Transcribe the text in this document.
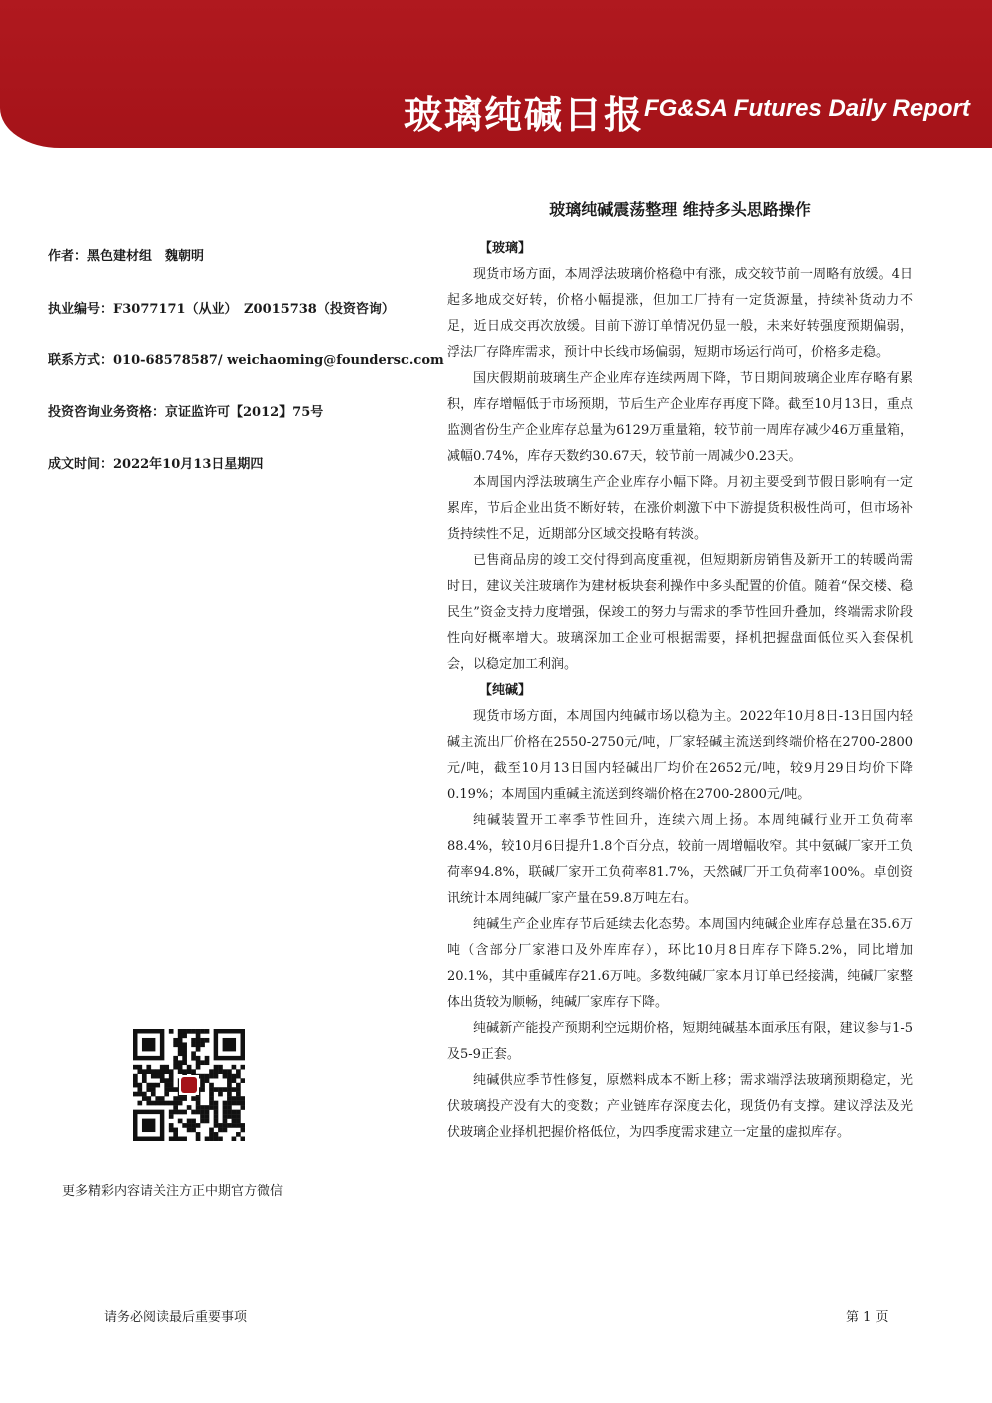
玻璃纯碱日报 FG&SA Futures Daily Report
玻璃纯碱震荡整理 维持多头思路操作
作者：黑色建材组　魏朝明
执业编号：F3077171（从业）　Z0015738（投资咨询）
联系方式：010-68578587/ weichaoming@foundersc.com
投资咨询业务资格：京证监许可【2012】75号
成文时间：2022年10月13日星期四
更多精彩内容请关注方正中期官方微信
【玻璃】

现货市场方面，本周浮法玻璃价格稳中有涨，成交较节前一周略有放缓。4日起多地成交好转，价格小幅提涨，但加工厂持有一定货源量，持续补货动力不足，近日成交再次放缓。目前下游订单情况仍显一般，未来好转强度预期偏弱，浮法厂存降库需求，预计中长线市场偏弱，短期市场运行尚可，价格多走稳。

国庆假期前玻璃生产企业库存连续两周下降，节日期间玻璃企业库存略有累积，库存增幅低于市场预期，节后生产企业库存再度下降。截至10月13日，重点监测省份生产企业库存总量为6129万重量箱，较节前一周库存减少46万重量箱，减幅0.74%，库存天数约30.67天，较节前一周减少0.23天。

本周国内浮法玻璃生产企业库存小幅下降。月初主要受到节假日影响有一定累库，节后企业出货不断好转，在涨价刺激下中下游提货积极性尚可，但市场补货持续性不足，近期部分区域交投略有转淡。

已售商品房的竣工交付得到高度重视，但短期新房销售及新开工的转暖尚需时日，建议关注玻璃作为建材板块套利操作中多头配置的价值。随着“保交楼、稳民生”资金支持力度增强，保竣工的努力与需求的季节性回升叠加，终端需求阶段性向好概率增大。玻璃深加工企业可根据需要，择机把握盘面低位买入套保机会，以稳定加工利润。

【纯碱】

现货市场方面，本周国内纯碱市场以稳为主。2022年10月8日-13日国内轻碱主流出厂价格在2550-2750元/吨，厂家轻碱主流送到终端价格在2700-2800元/吨，截至10月13日国内轻碱出厂均价在2652元/吨，较9月29日均价下降0.19%；本周国内重碱主流送到终端价格在2700-2800元/吨。

纯碱装置开工率季节性回升，连续六周上扬。本周纯碱行业开工负荷率88.4%，较10月6日提升1.8个百分点，较前一周增幅收窄。其中氨碱厂家开工负荷率94.8%，联碱厂家开工负荷率81.7%，天然碱厂开工负荷率100%。卓创资讯统计本周纯碱厂家产量在59.8万吨左右。

纯碱生产企业库存节后延续去化态势。本周国内纯碱企业库存总量在35.6万吨（含部分厂家港口及外库库存），环比10月8日库存下降5.2%，同比增加20.1%，其中重碱库存21.6万吨。多数纯碱厂家本月订单已经接满，纯碱厂家整体出货较为顺畅，纯碱厂家库存下降。

纯碱新产能投产预期利空远期价格，短期纯碱基本面承压有限，建议参与1-5及5-9正套。

纯碱供应季节性修复，原燃料成本不断上移；需求端浮法玻璃预期稳定，光伏玻璃投产没有大的变数；产业链库存深度去化，现货仍有支撑。建议浮法及光伏玻璃企业择机把握价格低位，为四季度需求建立一定量的虚拟库存。

请务必阅读最后重要事项	第 1 页
